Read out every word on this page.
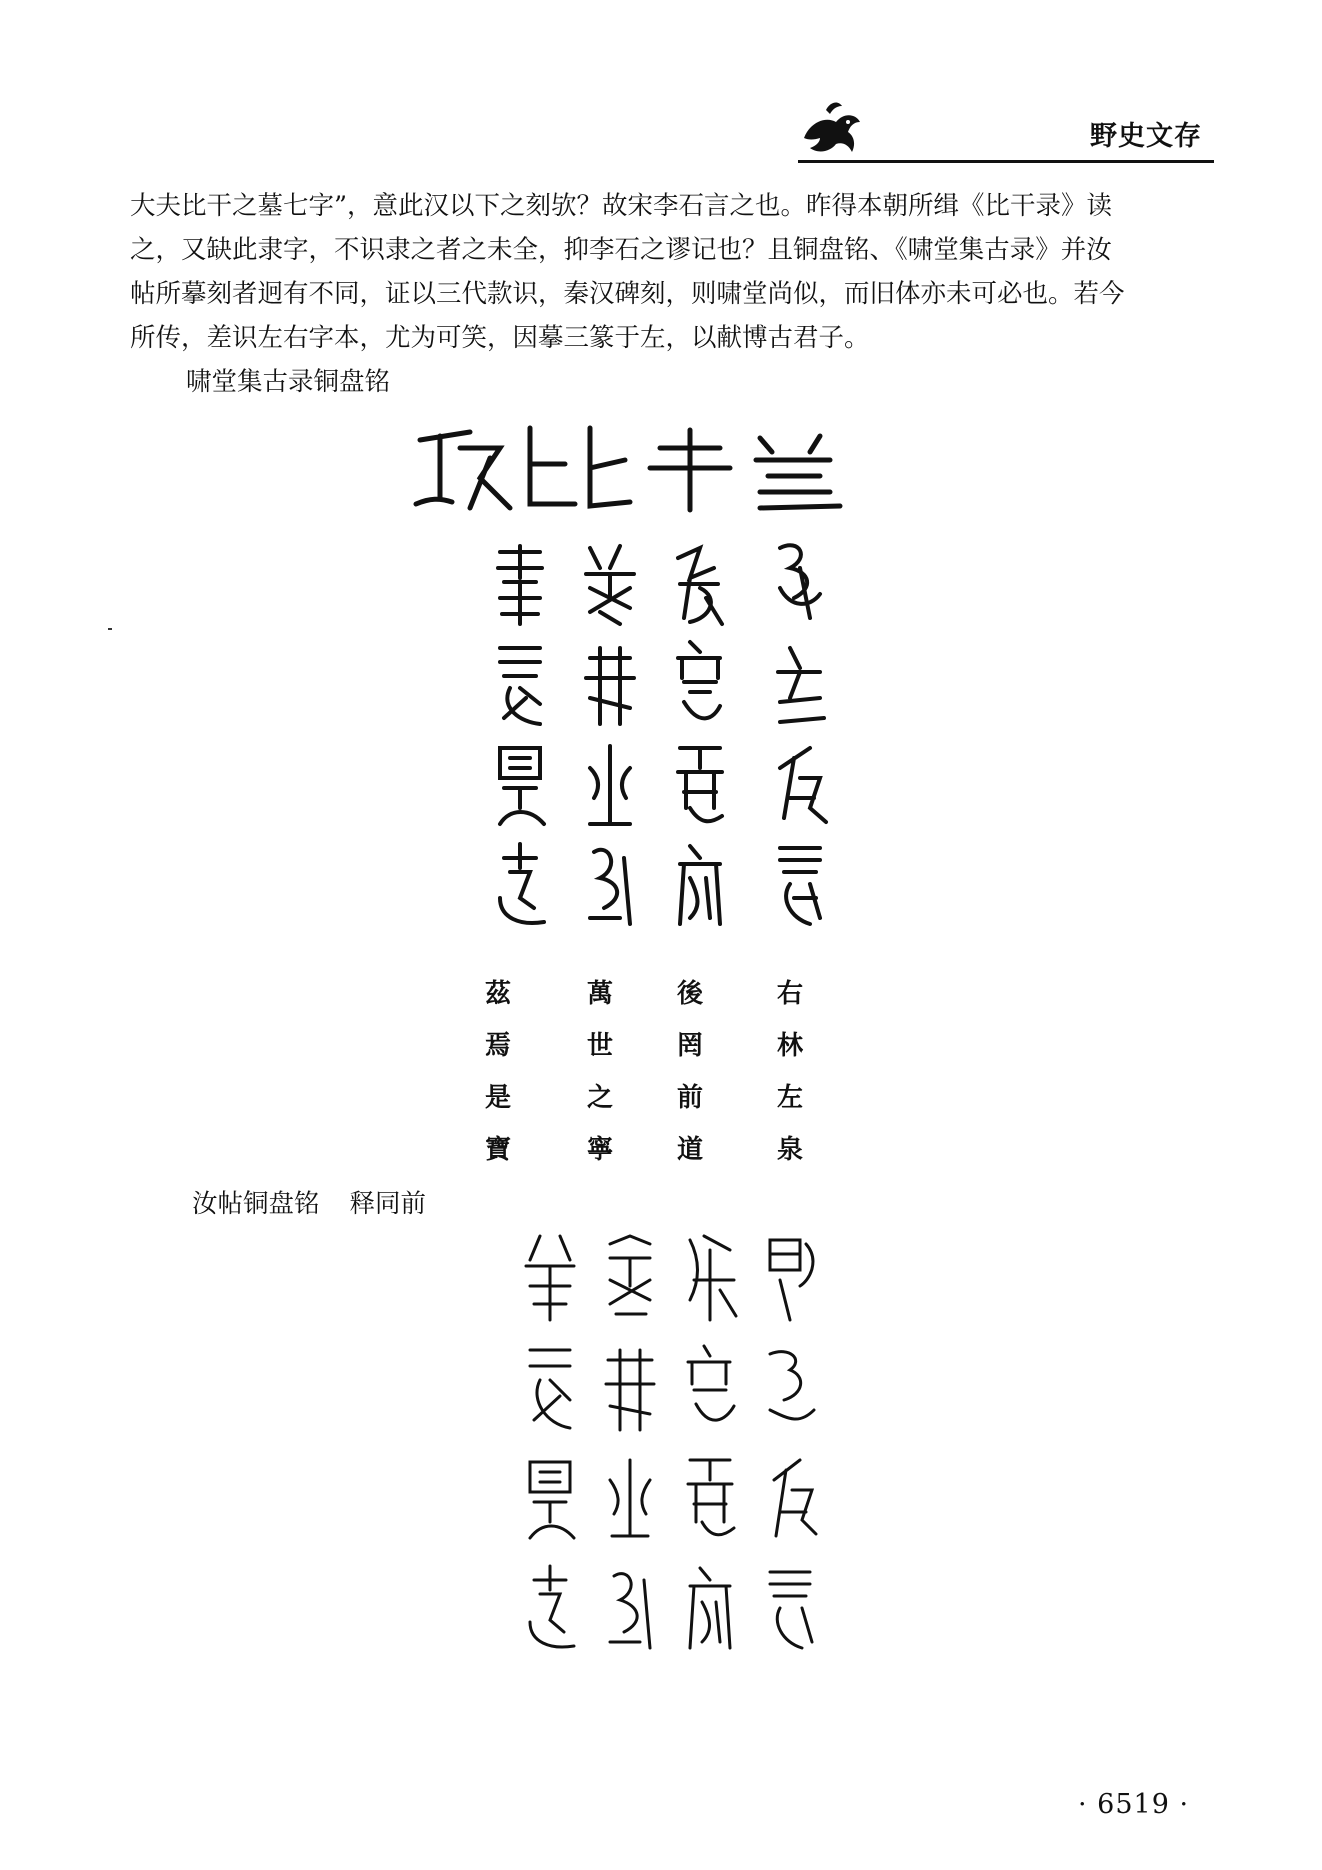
野史文存

大夫比干之墓七字”，意此汉以下之刻欤？故宋李石言之也。昨得本朝所缉《比干录》读

之，又缺此隶字，不识隶之者之未全，抑李石之谬记也？且铜盘铭、《啸堂集古录》并汝

帖所摹刻者迥有不同，证以三代款识，秦汉碑刻，则啸堂尚似，而旧体亦未可必也。若今

所传，差识左右字本，尤为可笑，因摹三篆于左，以献博古君子。

啸堂集古录铜盘铭
右
林
左
泉
後
罔
前
道
萬
世
之
寧
茲
焉
是
寶
汝帖铜盘铭 释同前
· 6519 ·
